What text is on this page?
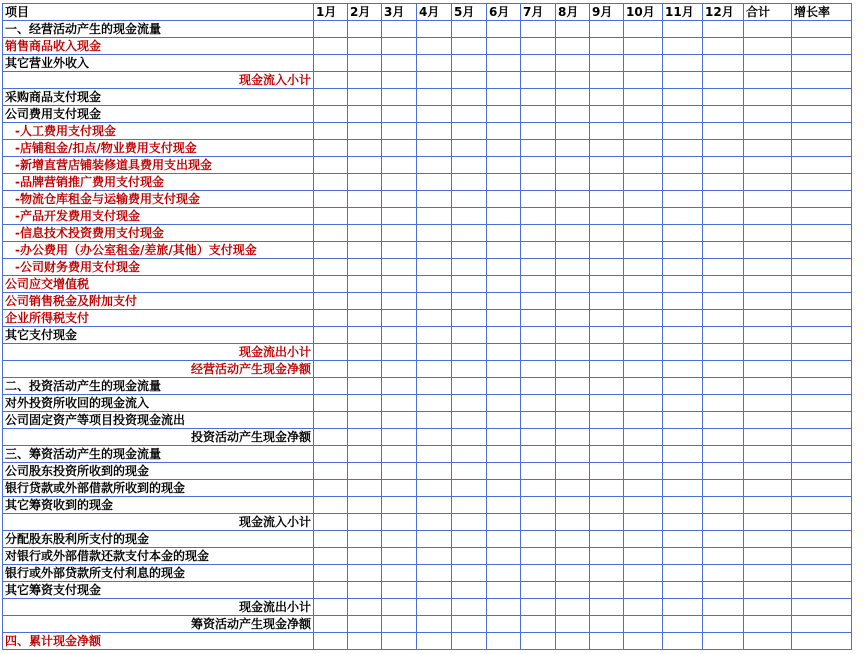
项目	1月	2月	3月	4月	5月	6月	7月	8月	9月	10月	11月	12月	合计	增长率
一、经营活动产生的现金流量														
销售商品收入现金														
其它营业外收入														
现金流入小计														
采购商品支付现金														
公司费用支付现金														
-人工费用支付现金														
-店铺租金/扣点/物业费用支付现金														
-新增直营店铺装修道具费用支出现金														
-品牌营销推广费用支付现金														
-物流仓库租金与运输费用支付现金														
-产品开发费用支付现金														
-信息技术投资费用支付现金														
-办公费用（办公室租金/差旅/其他）支付现金														
-公司财务费用支付现金														
公司应交增值税														
公司销售税金及附加支付														
企业所得税支付														
其它支付现金														
现金流出小计														
经营活动产生现金净额														
二、投资活动产生的现金流量														
对外投资所收回的现金流入														
公司固定资产等项目投资现金流出														
投资活动产生现金净额														
三、筹资活动产生的现金流量														
公司股东投资所收到的现金														
银行贷款或外部借款所收到的现金														
其它筹资收到的现金														
现金流入小计														
分配股东股利所支付的现金														
对银行或外部借款还款支付本金的现金														
银行或外部贷款所支付利息的现金														
其它筹资支付现金														
现金流出小计														
筹资活动产生现金净额														
四、累计现金净额														
